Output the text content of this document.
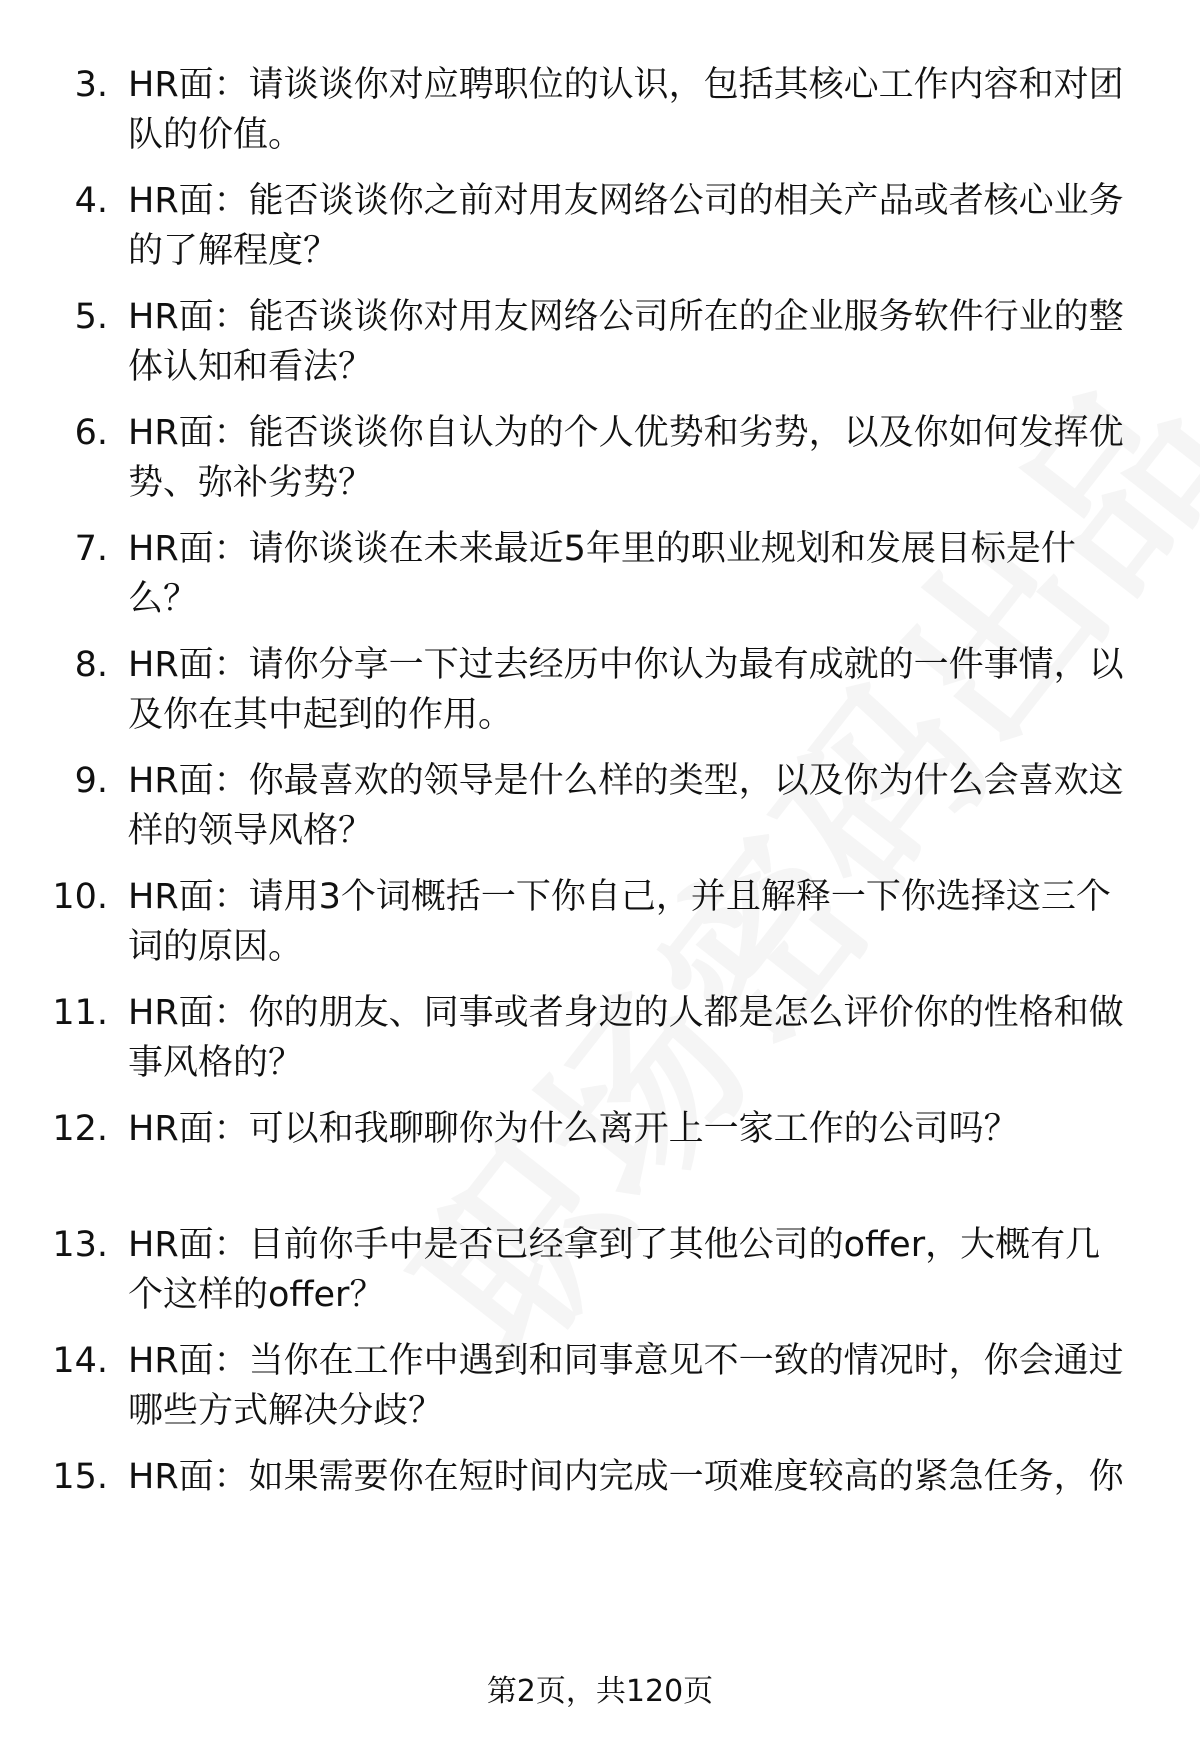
3. HR面：请谈谈你对应聘职位的认识，包括其核心工作内容和对团
队的价值。
4. HR面：能否谈谈你之前对用友网络公司的相关产品或者核心业务
的了解程度？
5. HR面：能否谈谈你对用友网络公司所在的企业服务软件行业的整
体认知和看法？
6. HR面：能否谈谈你自认为的个人优势和劣势，以及你如何发挥优
势、弥补劣势？
7. HR面：请你谈谈在未来最近5年里的职业规划和发展目标是什
么？
8. HR面：请你分享一下过去经历中你认为最有成就的一件事情，以
及你在其中起到的作用。
9. HR面：你最喜欢的领导是什么样的类型，以及你为什么会喜欢这
样的领导风格？
10. HR面：请用3个词概括一下你自己，并且解释一下你选择这三个
词的原因。
11. HR面：你的朋友、同事或者身边的人都是怎么评价你的性格和做
事风格的？
12. HR面：可以和我聊聊你为什么离开上一家工作的公司吗？
13. HR面：目前你手中是否已经拿到了其他公司的offer，大概有几
个这样的offer？
14. HR面：当你在工作中遇到和同事意见不一致的情况时，你会通过
哪些方式解决分歧？
15. HR面：如果需要你在短时间内完成一项难度较高的紧急任务，你
第2页，共120页
